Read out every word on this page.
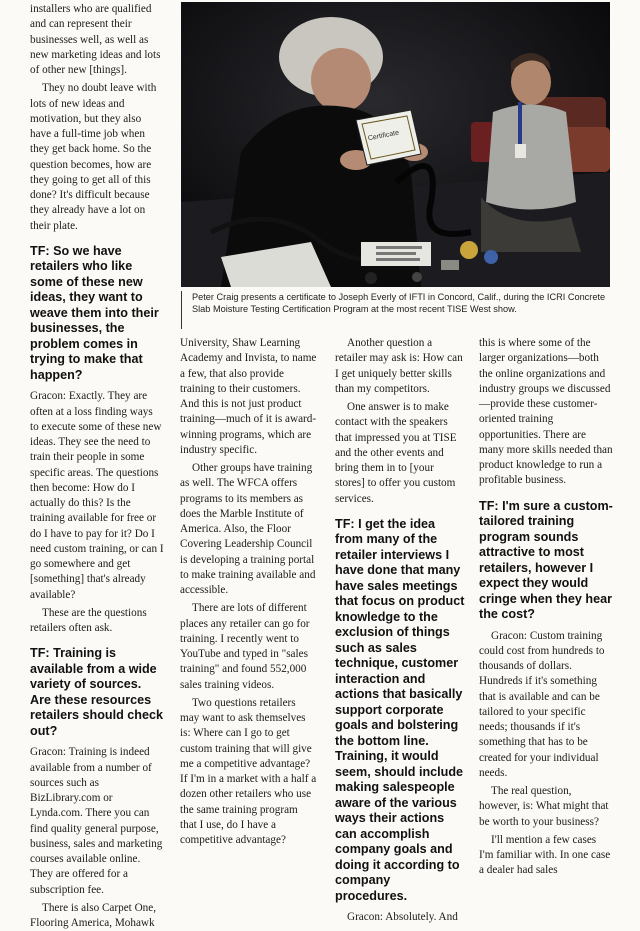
installers who are qualified and can represent their businesses well, as well as new marketing ideas and lots of other new [things].

They no doubt leave with lots of new ideas and motivation, but they also have a full-time job when they get back home. So the question becomes, how are they going to get all of this done? It's difficult because they already have a lot on their plate.

TF: So we have retailers who like some of these new ideas, they want to weave them into their businesses, the problem comes in trying to make that happen?

Gracon: Exactly. They are often at a loss finding ways to execute some of these new ideas. They see the need to train their people in some specific areas. The questions then become: How do I actually do this? Is the training available for free or do I have to pay for it? Do I need custom training, or can I go somewhere and get [something] that's already available?

These are the questions retailers often ask.

TF: Training is available from a wide variety of sources. Are these resources retailers should check out?

Gracon: Training is indeed available from a number of sources such as BizLibrary.com or Lynda.com. There you can find quality general purpose, business, sales and marketing courses available online. They are offered for a subscription fee.

There is also Carpet One, Flooring America, Mohawk

Certificate
Peter Craig presents a certificate to Joseph Everly of IFTI in Concord, Calif., during the ICRI Concrete Slab Moisture Testing Certification Program at the most recent TISE West show.

University, Shaw Learning Academy and Invista, to name a few, that also provide training to their customers. And this is not just product training—much of it is award-winning programs, which are industry specific.

Other groups have training as well. The WFCA offers programs to its members as does the Marble Institute of America. Also, the Floor Covering Leadership Council is developing a training portal to make training available and accessible.

There are lots of different places any retailer can go for training. I recently went to YouTube and typed in "sales training" and found 552,000 sales training videos.

Two questions retailers may want to ask themselves is: Where can I go to get custom training that will give me a competitive advantage? If I'm in a market with a half a dozen other retailers who use the same training program that I use, do I have a competitive advantage?

Another question a retailer may ask is: How can I get uniquely better skills than my competitors.

One answer is to make contact with the speakers that impressed you at TISE and the other events and bring them in to [your stores] to offer you custom services.

TF: I get the idea from many of the retailer interviews I have done that many have sales meetings that focus on product knowledge to the exclusion of things such as sales technique, customer interaction and actions that basically support corporate goals and bolstering the bottom line. Training, it would seem, should include making salespeople aware of the various ways their actions can accomplish company goals and doing it according to company procedures.

Gracon: Absolutely. And

this is where some of the larger organizations—both the online organizations and industry groups we discussed—provide these customer-oriented training opportunities. There are many more skills needed than product knowledge to run a profitable business.

TF: I'm sure a custom-tailored training program sounds attractive to most retailers, however I expect they would cringe when they hear the cost?

Gracon: Custom training could cost from hundreds to thousands of dollars. Hundreds if it's something that is available and can be tailored to your specific needs; thousands if it's something that has to be created for your individual needs.

The real question, however, is: What might that be worth to your business?

I'll mention a few cases I'm familiar with. In one case a dealer had sales
